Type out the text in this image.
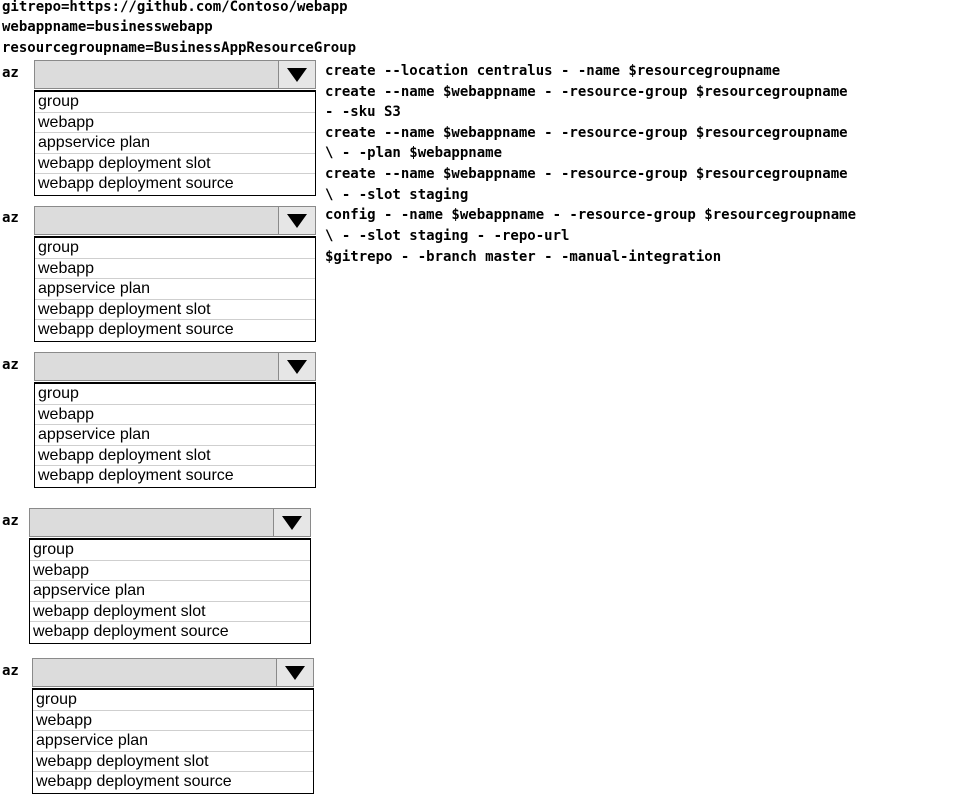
gitrepo=https://github.com/Contoso/webapp
webappname=businesswebapp
resourcegroupname=BusinessAppResourceGroup
az
az
az
az
az
group
webapp
appservice plan
webapp deployment slot
webapp deployment source
group
webapp
appservice plan
webapp deployment slot
webapp deployment source
group
webapp
appservice plan
webapp deployment slot
webapp deployment source
group
webapp
appservice plan
webapp deployment slot
webapp deployment source
group
webapp
appservice plan
webapp deployment slot
webapp deployment source
create --location centralus - -name $resourcegroupname
create --name $webappname - -resource-group $resourcegroupname
- -sku S3
create --name $webappname - -resource-group $resourcegroupname
\ - -plan $webappname
create --name $webappname - -resource-group $resourcegroupname
\ - -slot staging
config - -name $webappname - -resource-group $resourcegroupname
\ - -slot staging - -repo-url
$gitrepo - -branch master - -manual-integration
